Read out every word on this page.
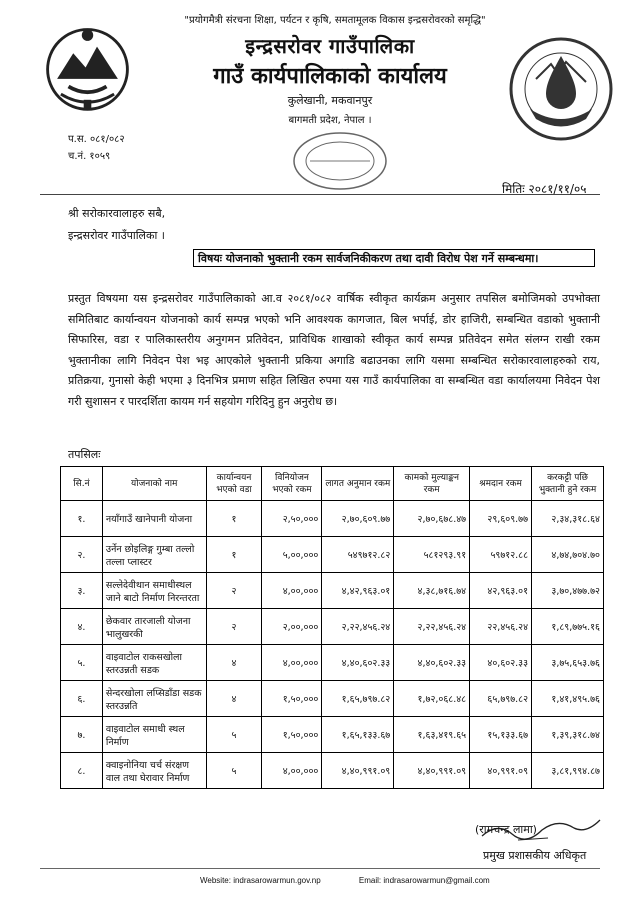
"प्रयोगमैत्री संरचना शिक्षा, पर्यटन र कृषि, समतामूलक विकास इन्द्रसरोवरको समृद्धि"
इन्द्रसरोवर गाउँपालिका
गाउँ कार्यपालिकाको कार्यालय
कुलेखानी, मकवानपुर
बागमती प्रदेश, नेपाल ।
प.स. ०८१/०८२
च.नं. १०५९
मितिः २०८१/११/०५
श्री सरोकारवालाहरु सबै,
इन्द्रसरोवर गाउँपालिका ।
विषयः योजनाको भुक्तानी रकम सार्वजनिकीकरण तथा दावी विरोध पेश गर्ने सम्बन्धमा।
प्रस्तुत विषयमा यस इन्द्रसरोवर गाउँपालिकाको आ.व २०८१/०८२ वार्षिक स्वीकृत कार्यक्रम अनुसार तपसिल बमोजिमको उपभोक्ता समितिबाट कार्यान्वयन योजनाको कार्य सम्पन्न भएको भनि आवश्यक कागजात, बिल भर्पाई, डोर हाजिरी, सम्बन्धित वडाको भुक्तानी सिफारिस, वडा र पालिकास्तरीय अनुगमन प्रतिवेदन, प्राविधिक शाखाको स्वीकृत कार्य सम्पन्न प्रतिवेदन समेत संलग्न राखी रकम भुक्तानीका लागि निवेदन पेश भइ आएकोले भुक्तानी प्रकिया अगाडि बढाउनका लागि यसमा सम्बन्धित सरोकारवालाहरुको राय, प्रतिक्रया, गुनासो केही भएमा ३ दिनभित्र प्रमाण सहित लिखित रुपमा यस गाउँ कार्यपालिका वा सम्बन्धित वडा कार्यालयमा निवेदन पेश गरी सुशासन र पारदर्शिता कायम गर्न सहयोग गरिदिनु हुन अनुरोध छ।
तपसिलः
सि.नं	योजनाको नाम	कार्यान्वयन भएको वडा	विनियोजन भएको रकम	लागत अनुमान रकम	कामको मुल्याङ्कन रकम	श्रमदान रकम	करकट्टी पछि भुक्तानी हुने रकम
१.	नयाँगाउँ खानेपानी योजना	१	२,५०,०००	२,७०,६०९.७७	२,७०,६७८.४७	२९,६०९.७७	२,३४,३१८.६४
२.	उर्नेन छोइलिङ्ग गुम्बा तल्लो तल्ला प्लास्टर	१	५,००,०००	५४९७१२.८२	५८१२९३.९१	५९७१२.८८	४,७४,७०४.७०
३.	सल्लेदेवीथान समाधीस्थल जाने बाटो निर्माण निरन्तरता	२	४,००,०००	४,४२,९६३.०१	४,३८,७१६.७४	४२,९६३.०१	३,७०,४७७.७२
४.	छेकवार तारजाली योजना भालुखरकी	२	२,००,०००	२,२२,४५६.२४	२,२२,४५६.२४	२२,४५६.२४	१,८९,७७५.१६
५.	वाइवाटोल राकसखोला स्तरउन्नती सडक	४	४,००,०००	४,४०,६०२.३३	४,४०,६०२.३३	४०,६०२.३३	३,७५,६५३.७६
६.	सेन्दरखोला लप्सिडाँडा सडक स्तरउन्नति	४	१,५०,०००	१,६५,७९७.८२	१,७२,०६८.४८	६५,७९७.८२	१,४१,४९५.७६
७.	वाइवाटोल समाधी स्थल निर्माण	५	१,५०,०००	१,६५,१३३.६७	१,६३,४१९.६५	१५,१३३.६७	१,३९,३१८.७४
८.	क्वाइनोनिया चर्च संरक्षण वाल तथा घेरावार निर्माण	५	४,००,०००	४,४०,९९१.०९	४,४०,९९१.०९	४०,९९१.०९	३,८१,९९४.८७
(रामचन्द्र लामा)
प्रमुख प्रशासकीय अधिकृत
Website: indrasarowarmun.gov.np	Email: indrasarowarmun@gmail.com
